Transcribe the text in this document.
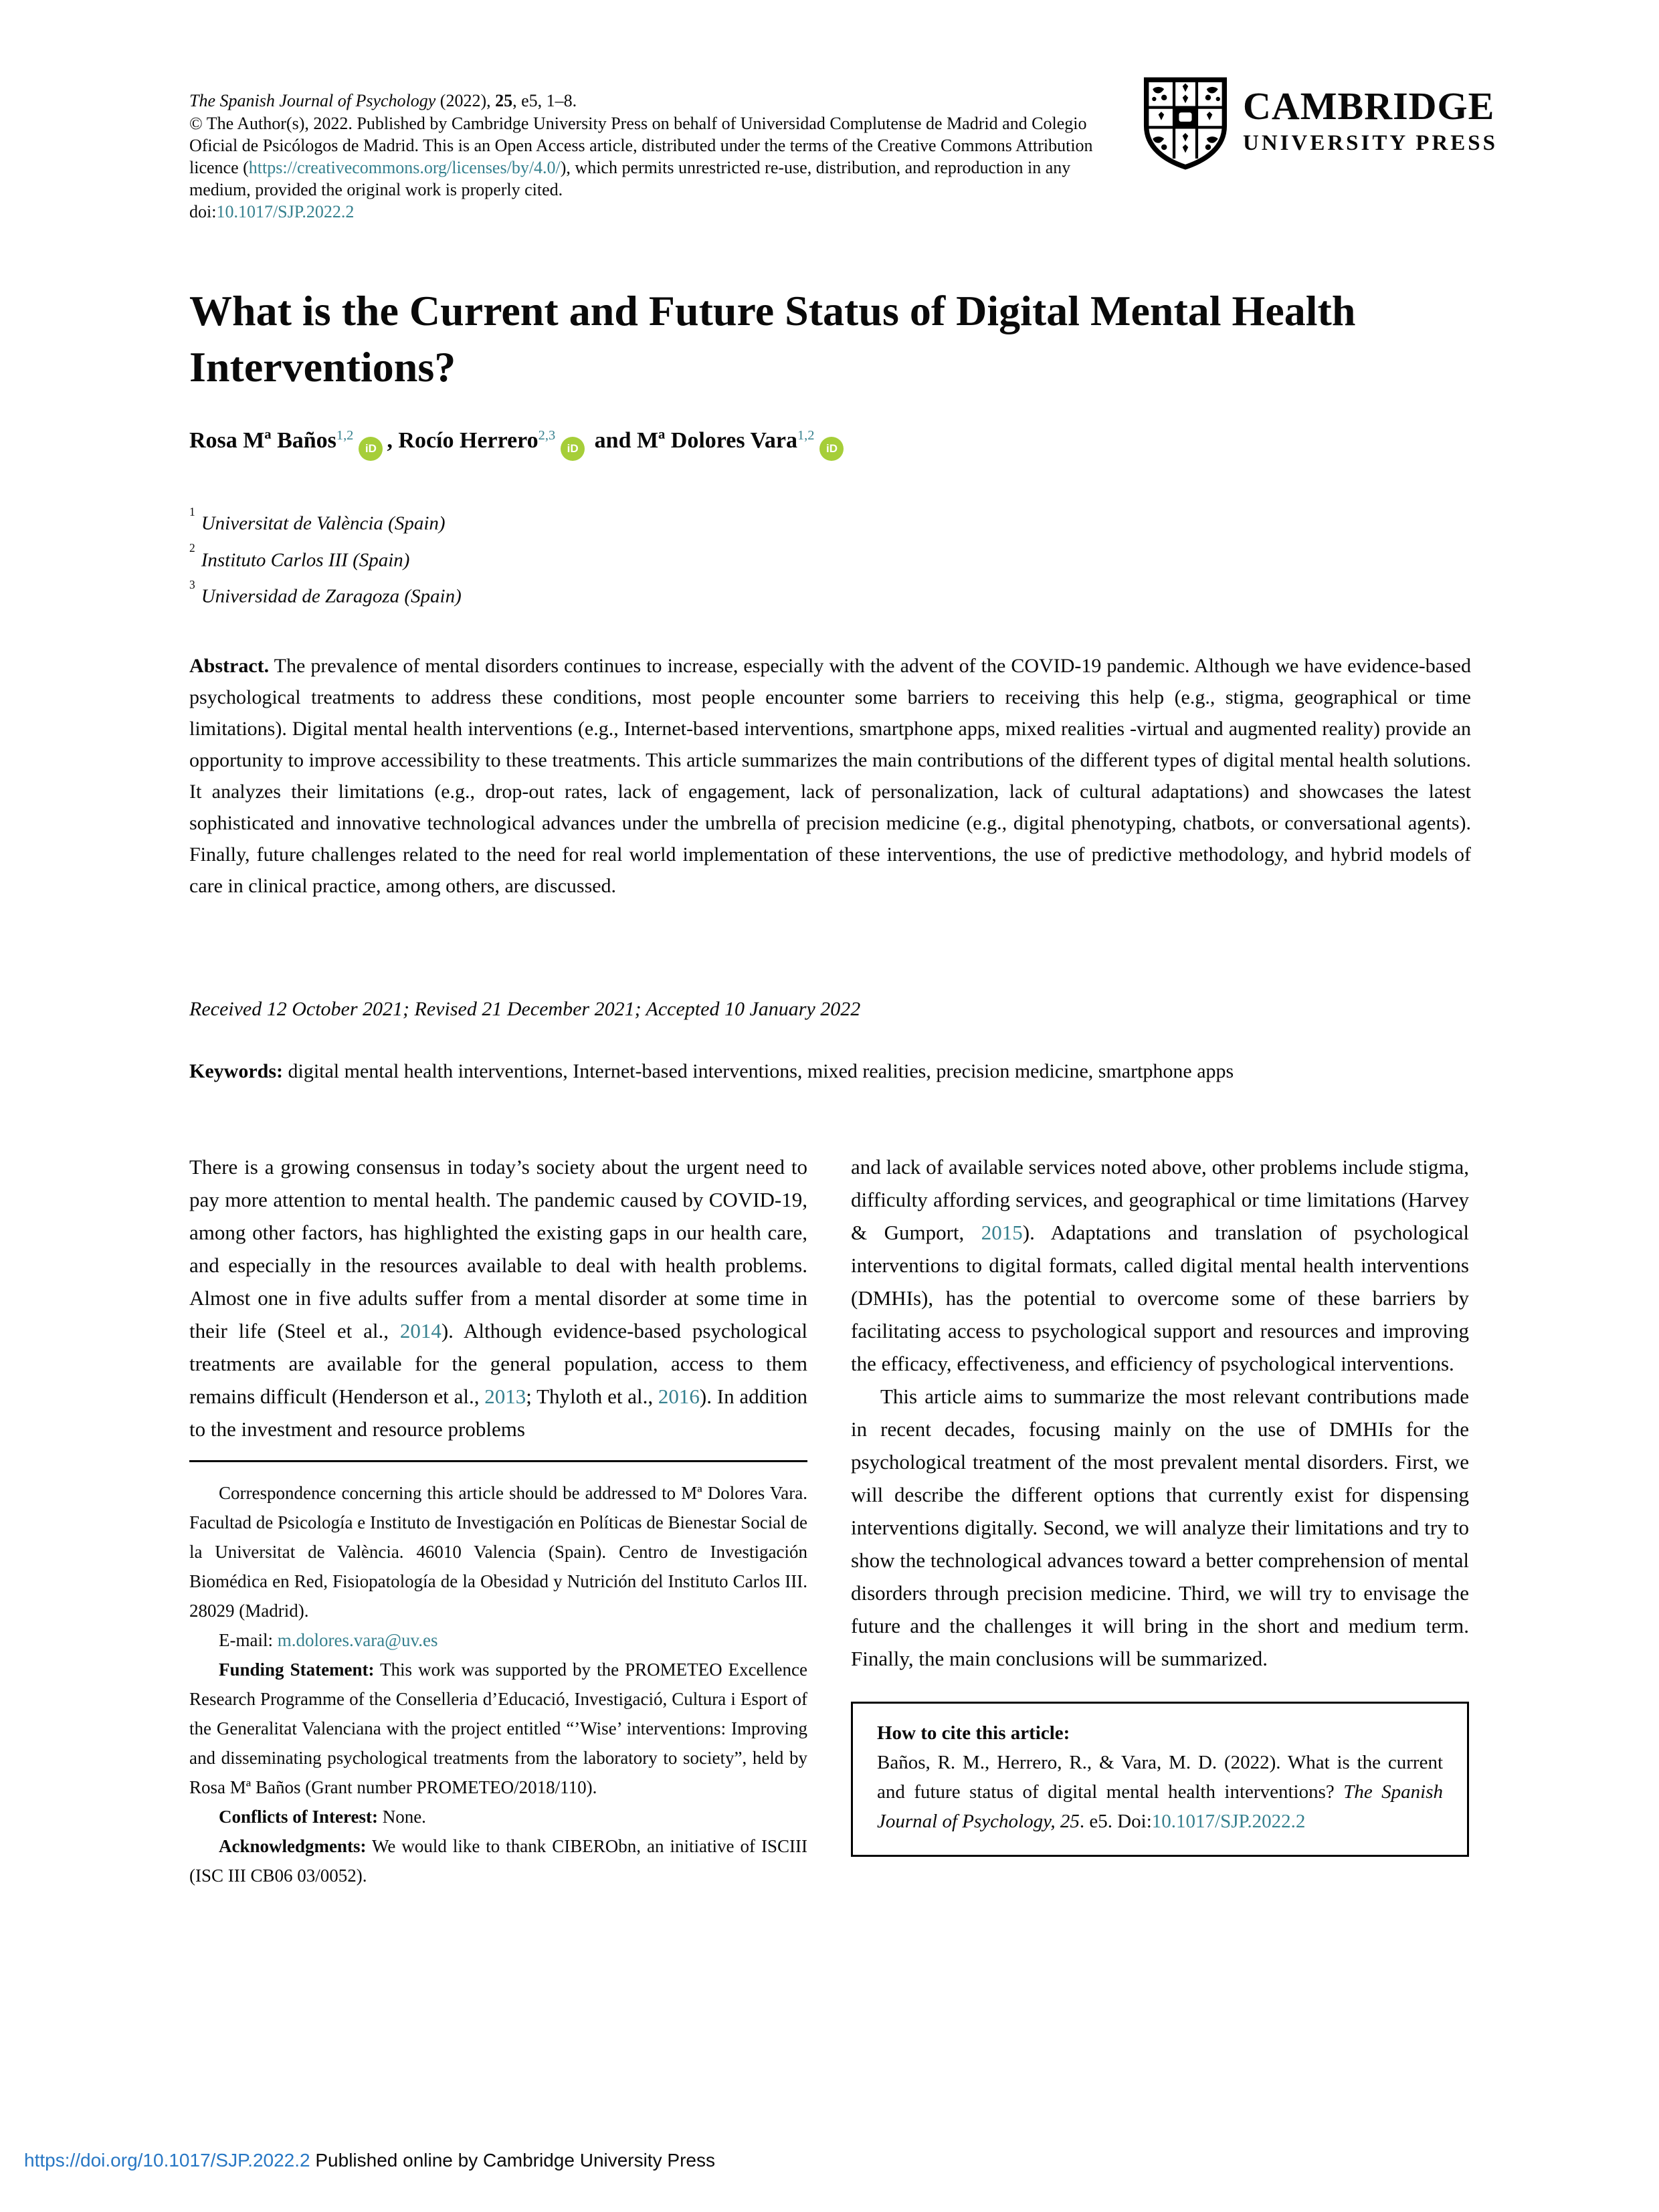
The Spanish Journal of Psychology (2022), 25, e5, 1–8.

© The Author(s), 2022. Published by Cambridge University Press on behalf of Universidad Complutense de Madrid and Colegio Oficial de Psicólogos de Madrid. This is an Open Access article, distributed under the terms of the Creative Commons Attribution licence (https://creativecommons.org/licenses/by/4.0/), which permits unrestricted re-use, distribution, and reproduction in any medium, provided the original work is properly cited.

doi:10.1017/SJP.2022.2

CAMBRIDGE
UNIVERSITY PRESS
What is the Current and Future Status of Digital Mental Health Interventions?
Rosa Mª Baños$^{1,2}$iD , Rocío Herrero$^{2,3}$iD and Mª Dolores Vara$^{1,2}$iD
$^1$Universitat de València (Spain)
$^2$Instituto Carlos III (Spain)
$^3$Universidad de Zaragoza (Spain)
Abstract. The prevalence of mental disorders continues to increase, especially with the advent of the COVID-19 pandemic. Although we have evidence-based psychological treatments to address these conditions, most people encounter some barriers to receiving this help (e.g., stigma, geographical or time limitations). Digital mental health interventions (e.g., Internet-based interventions, smartphone apps, mixed realities -virtual and augmented reality) provide an opportunity to improve accessibility to these treatments. This article summarizes the main contributions of the different types of digital mental health solutions. It analyzes their limitations (e.g., drop-out rates, lack of engagement, lack of personalization, lack of cultural adaptations) and showcases the latest sophisticated and innovative technological advances under the umbrella of precision medicine (e.g., digital phenotyping, chatbots, or conversational agents). Finally, future challenges related to the need for real world implementation of these interventions, the use of predictive methodology, and hybrid models of care in clinical practice, among others, are discussed.
Received 12 October 2021; Revised 21 December 2021; Accepted 10 January 2022
Keywords: digital mental health interventions, Internet-based interventions, mixed realities, precision medicine, smartphone apps

There is a growing consensus in today’s society about the urgent need to pay more attention to mental health. The pandemic caused by COVID-19, among other factors, has highlighted the existing gaps in our health care, and especially in the resources available to deal with health problems. Almost one in five adults suffer from a mental disorder at some time in their life (Steel et al., 2014). Although evidence-based psychological treatments are available for the general population, access to them remains difficult (Henderson et al., 2013; Thyloth et al., 2016). In addition to the investment and resource problems

Correspondence concerning this article should be addressed to Mª Dolores Vara. Facultad de Psicología e Instituto de Investigación en Políticas de Bienestar Social de la Universitat de València. 46010 Valencia (Spain). Centro de Investigación Biomédica en Red, Fisiopatología de la Obesidad y Nutrición del Instituto Carlos III. 28029 (Madrid).

E-mail: m.dolores.vara@uv.es

Funding Statement: This work was supported by the PROMETEO Excellence Research Programme of the Conselleria d’Educació, Investigació, Cultura i Esport of the Generalitat Valenciana with the project entitled “’Wise’ interventions: Improving and disseminating psychological treatments from the laboratory to society”, held by Rosa Mª Baños (Grant number PROMETEO/2018/110).

Conflicts of Interest: None.

Acknowledgments: We would like to thank CIBERObn, an initiative of ISCIII (ISC III CB06 03/0052).

and lack of available services noted above, other problems include stigma, difficulty affording services, and geographical or time limitations (Harvey & Gumport, 2015). Adaptations and translation of psychological interventions to digital formats, called digital mental health interventions (DMHIs), has the potential to overcome some of these barriers by facilitating access to psychological support and resources and improving the efficacy, effectiveness, and efficiency of psychological interventions.

This article aims to summarize the most relevant contributions made in recent decades, focusing mainly on the use of DMHIs for the psychological treatment of the most prevalent mental disorders. First, we will describe the different options that currently exist for dispensing interventions digitally. Second, we will analyze their limitations and try to show the technological advances toward a better comprehension of mental disorders through precision medicine. Third, we will try to envisage the future and the challenges it will bring in the short and medium term. Finally, the main conclusions will be summarized.

How to cite this article:

Baños, R. M., Herrero, R., & Vara, M. D. (2022). What is the current and future status of digital mental health interventions? The Spanish Journal of Psychology, 25. e5. Doi:10.1017/SJP.2022.2

https://doi.org/10.1017/SJP.2022.2 Published online by Cambridge University Press
